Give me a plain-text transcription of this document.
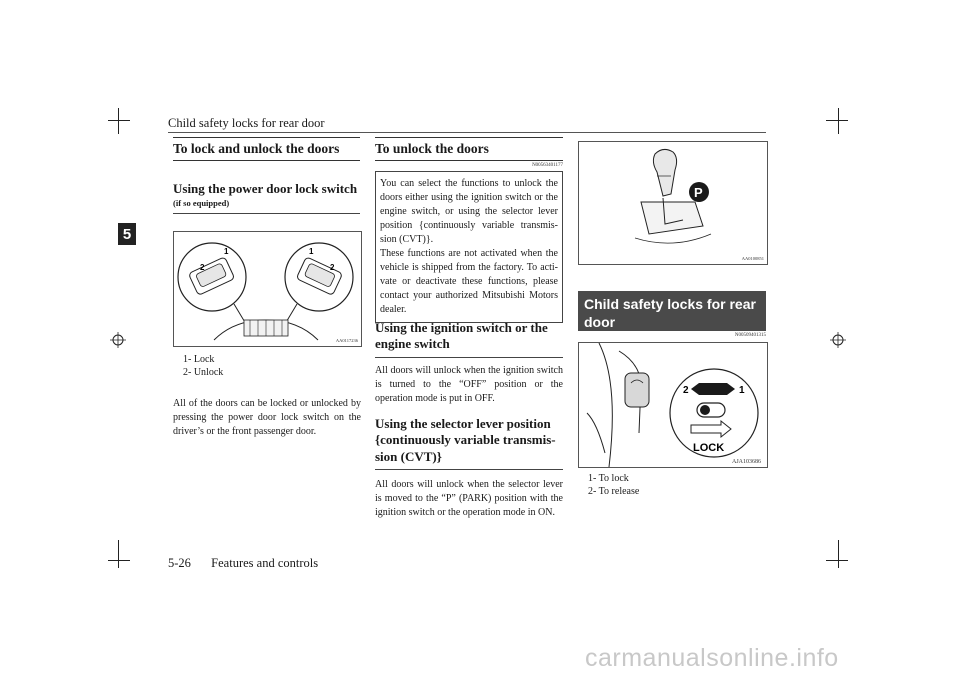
Child safety locks for rear door
5
To lock and unlock the doors
Using the power door lock switch
(if so equipped)
1
2
1
2
AA0117236
1- Lock
2- Unlock
All of the doors can be locked or unlocked by pressing the power door lock switch on the driver’s or the front passenger door.
To unlock the doors
N00563401177
You can select the functions to unlock the doors either using the ignition switch or the engine switch, or using the selector lever position {continuously variable transmis-sion (CVT)}.
These functions are not activated when the vehicle is shipped from the factory. To acti-vate or deactivate these functions, please contact your authorized Mitsubishi Motors dealer.
Using the ignition switch or the engine switch
All doors will unlock when the ignition switch is turned to the “OFF” position or the operation mode is put in OFF.
Using the selector lever position {continuously variable transmis-sion (CVT)}
All doors will unlock when the selector lever is moved to the “P” (PARK) position with the ignition switch or the operation mode in ON.
P
AA0100851
Child safety locks for rear door
N00509401315
2	1
LOCK
AJA103686
1- To lock
2- To release
5-26 Features and controls
carmanualsonline.info
